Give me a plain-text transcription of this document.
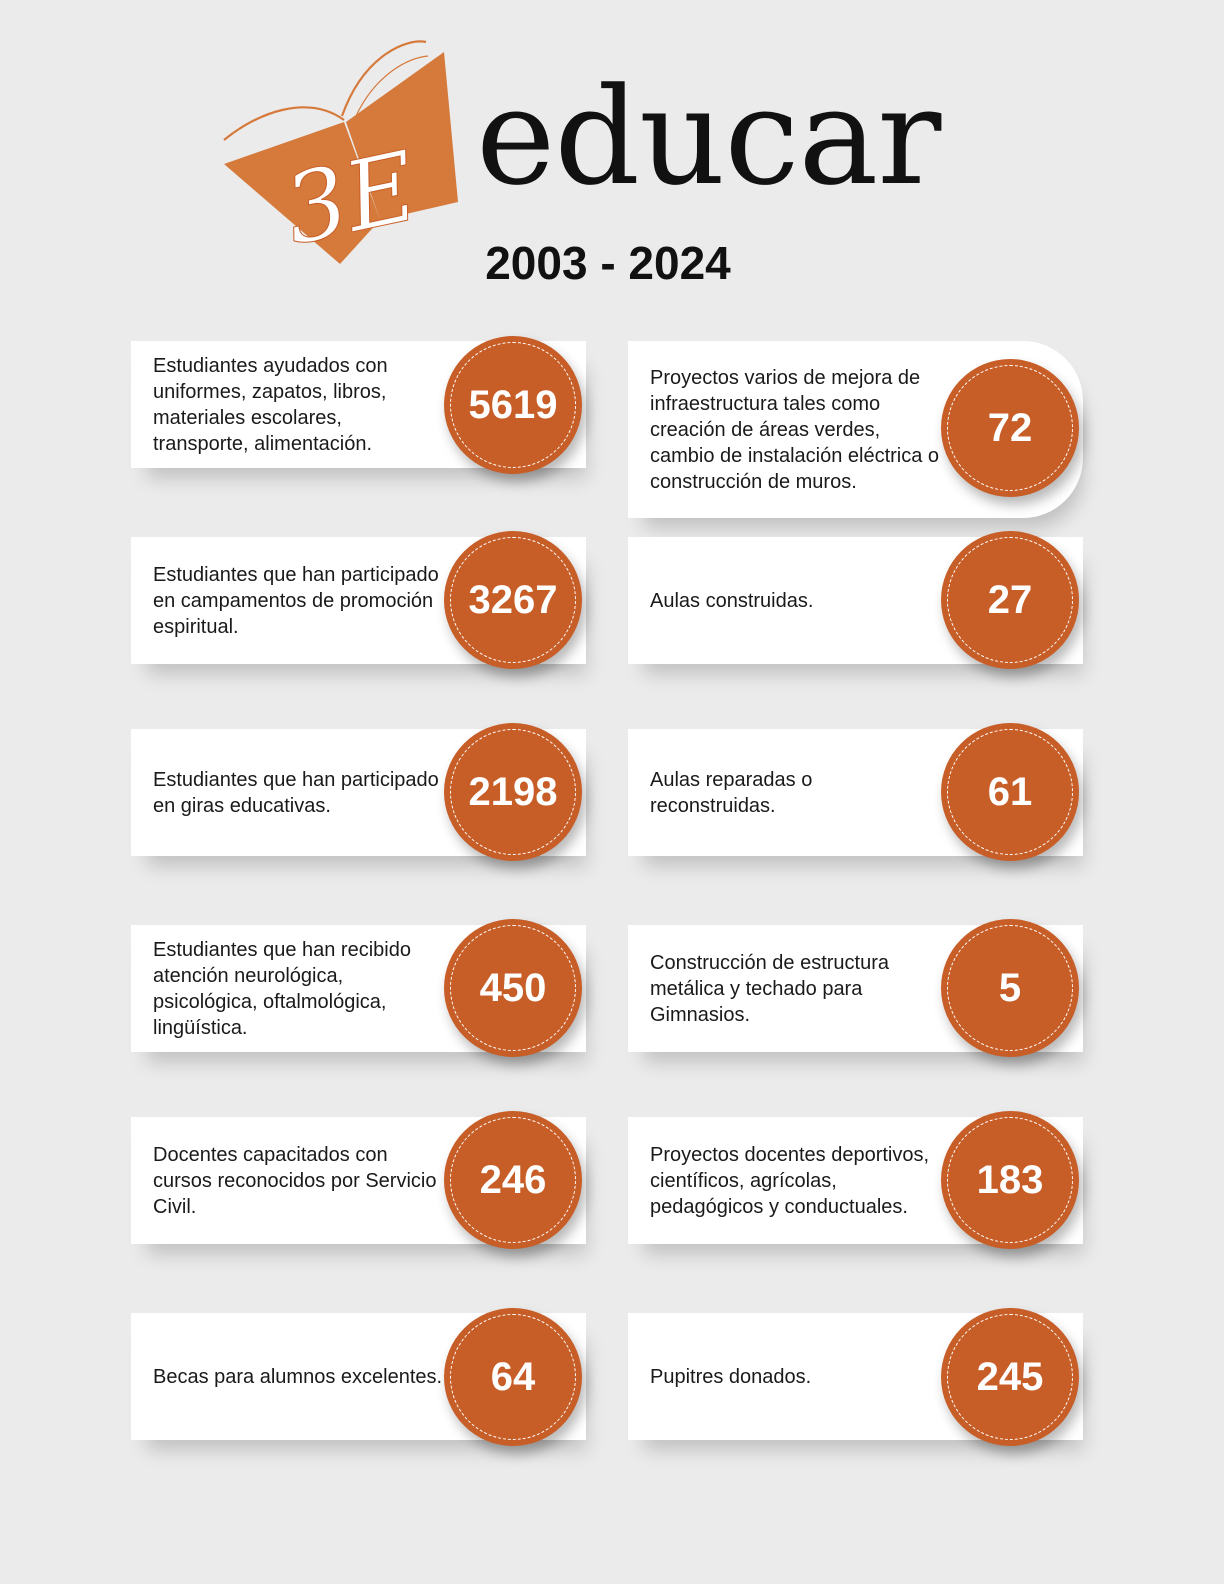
3E educar
2003 - 2024
Estudiantes ayudados con uniformes, zapatos, libros, materiales escolares, transporte, alimentación.
5619
Estudiantes que han participado en campamentos de promoción espiritual.
3267
Estudiantes que han participado en giras educativas.	2198
Estudiantes que han recibido atención neurológica, psicológica, oftalmológica, lingüística.
450
Docentes capacitados con cursos reconocidos por Servicio Civil.
246
Becas para alumnos excelentes. 64
Proyectos varios de mejora de infraestructura tales como creación de áreas verdes, cambio de instalación eléctrica o construcción de muros.
72
Aulas construidas.	27
Aulas reparadas o reconstruidas.	61
Construcción de estructura metálica y techado para Gimnasios.
5
Proyectos docentes deportivos, científicos, agrícolas, pedagógicos y conductuales.
183
Pupitres donados.	245
